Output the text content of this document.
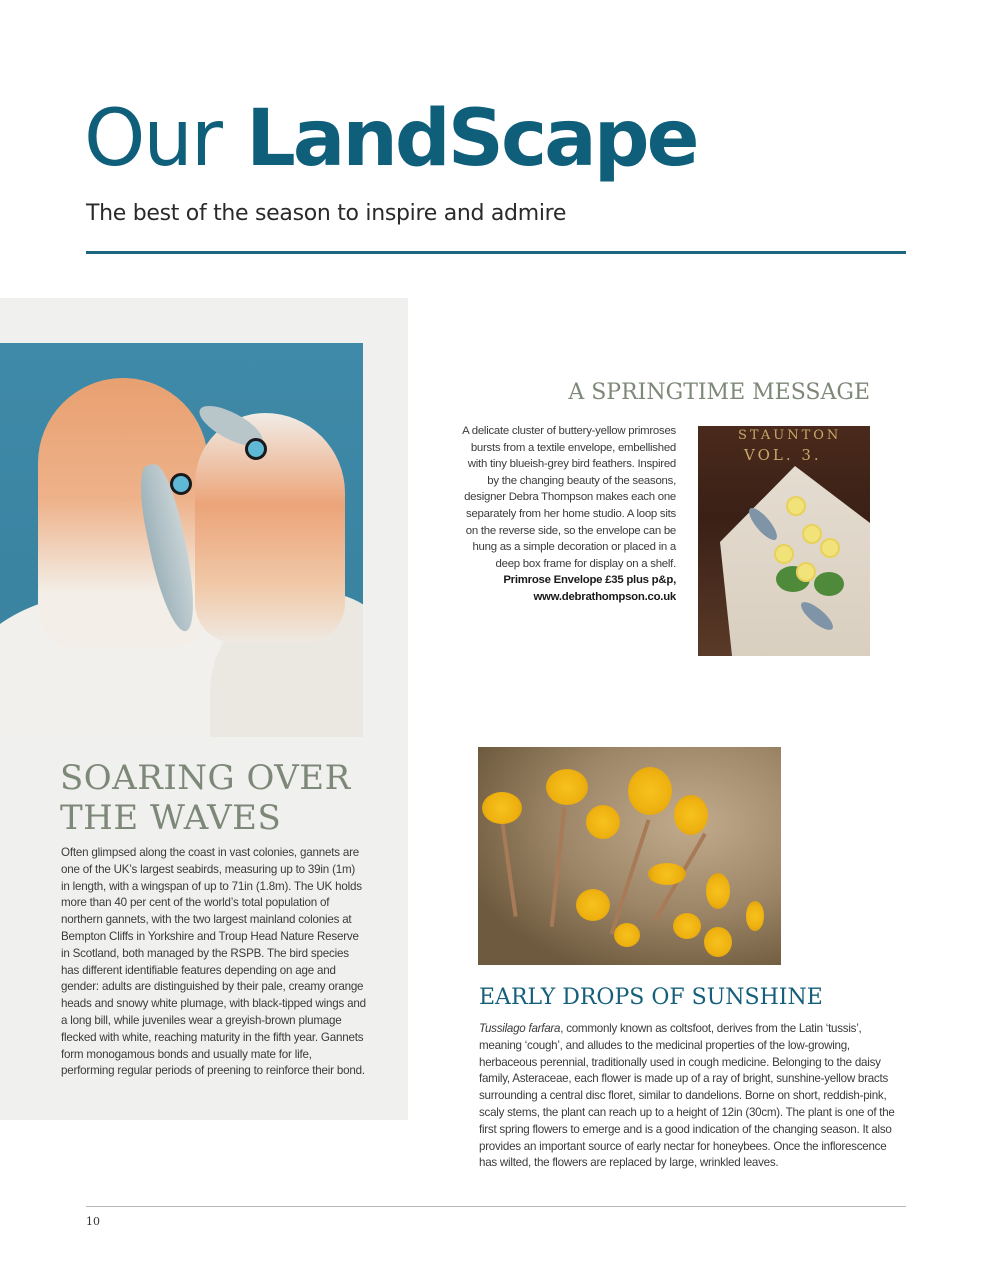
Our LandScape
The best of the season to inspire and admire
SOARING OVER THE WAVES

Often glimpsed along the coast in vast colonies, gannets are one of the UK’s largest seabirds, measuring up to 39in (1m) in length, with a wingspan of up to 71in (1.8m). The UK holds more than 40 per cent of the world’s total population of northern gannets, with the two largest mainland colonies at Bempton Cliffs in Yorkshire and Troup Head Nature Reserve in Scotland, both managed by the RSPB. The bird species has different identifiable features depending on age and gender: adults are distinguished by their pale, creamy orange heads and snowy white plumage, with black-tipped wings and a long bill, while juveniles wear a greyish-brown plumage flecked with white, reaching maturity in the fifth year. Gannets form monogamous bonds and usually mate for life, performing regular periods of preening to reinforce their bond.

A SPRINGTIME MESSAGE

A delicate cluster of buttery-yellow primroses bursts from a textile envelope, embellished with tiny blueish-grey bird feathers. Inspired by the changing beauty of the seasons, designer Debra Thompson makes each one separately from her home studio. A loop sits on the reverse side, so the envelope can be hung as a simple decoration or placed in a deep box frame for display on a shelf.
Primrose Envelope £35 plus p&p,
www.debrathompson.co.uk

STAUNTON
VOL. 3.
EARLY DROPS OF SUNSHINE

Tussilago farfara, commonly known as coltsfoot, derives from the Latin ‘tussis’, meaning ‘cough’, and alludes to the medicinal properties of the low-growing, herbaceous perennial, traditionally used in cough medicine. Belonging to the daisy family, Asteraceae, each flower is made up of a ray of bright, sunshine-yellow bracts surrounding a central disc floret, similar to dandelions. Borne on short, reddish-pink, scaly stems, the plant can reach up to a height of 12in (30cm). The plant is one of the first spring flowers to emerge and is a good indication of the changing season. It also provides an important source of early nectar for honeybees. Once the inflorescence has wilted, the flowers are replaced by large, wrinkled leaves.

10
